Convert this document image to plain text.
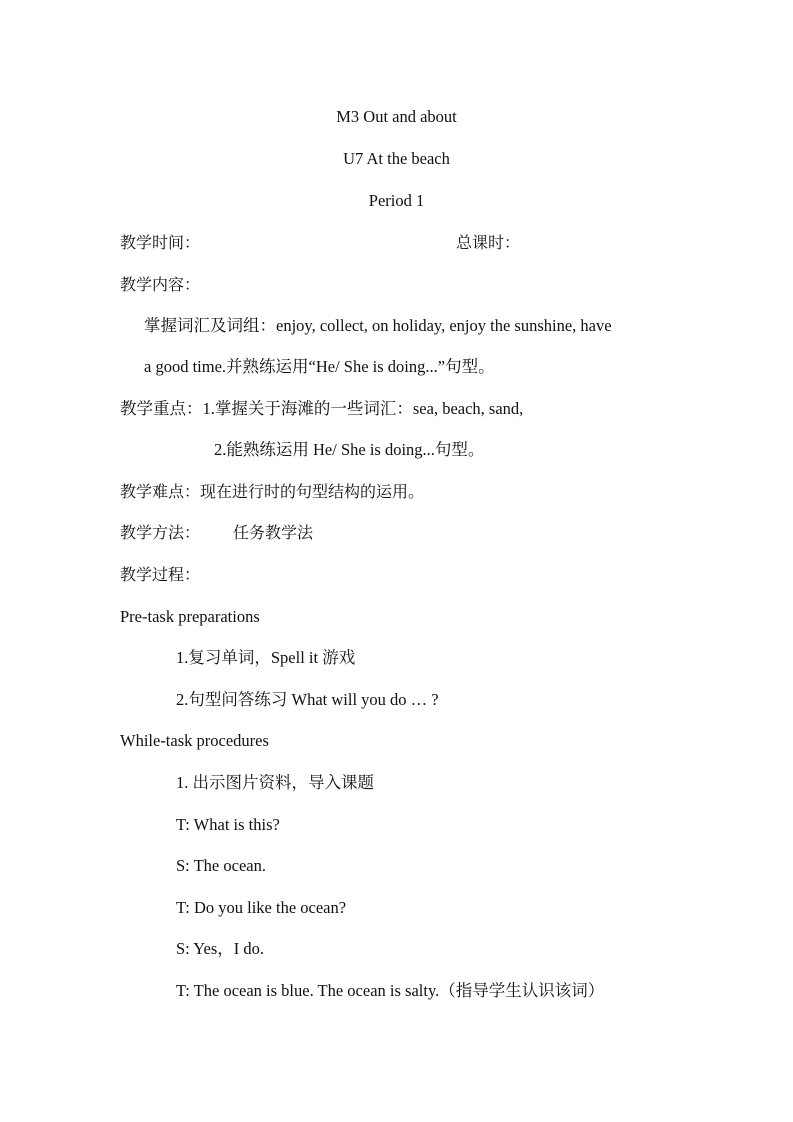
M3 Out and about
U7 At the beach
Period 1
教学时间：	总课时：
教学内容：
掌握词汇及词组：enjoy, collect, on holiday, enjoy the sunshine, have
a good time.并熟练运用“He/ She is doing...”句型。
教学重点：1.掌握关于海滩的一些词汇：sea, beach, sand,
2.能熟练运用 He/ She is doing...句型。
教学难点：现在进行时的句型结构的运用。
教学方法： 任务教学法
教学过程：
Pre-task preparations
1.复习单词，Spell it 游戏
2.句型问答练习 What will you do … ?
While-task procedures
1. 出示图片资料，导入课题
T: What is this?
S: The ocean.
T: Do you like the ocean?
S: Yes，I do.
T: The ocean is blue. The ocean is salty.（指导学生认识该词）
